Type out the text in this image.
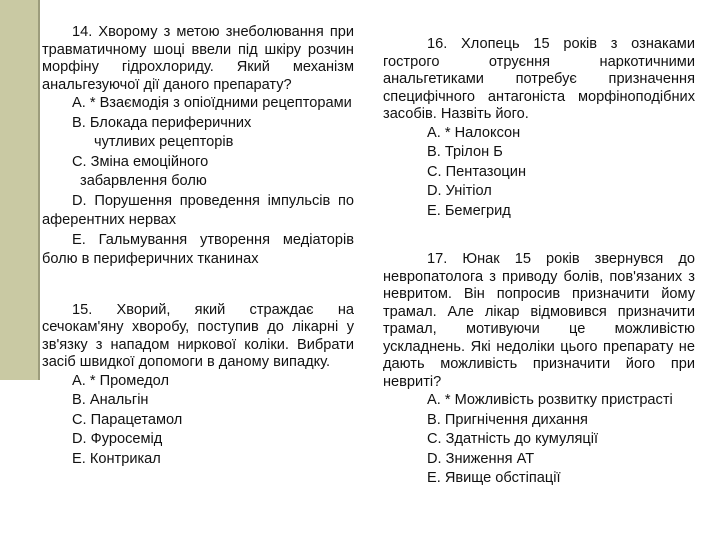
14. Хворому з метою знеболювання при травматичному шоці ввели під шкіру розчин морфіну гідрохлориду. Який механізм анальгезуючої дії даного препарату?

A. * Взаємодія з опіоїдними рецепторами

B. Блокада периферичних

чутливих рецепторів

C. Зміна емоційного

забарвлення болю

D. Порушення проведення імпульсів по аферентних нервах

E. Гальмування утворення медіаторів болю в периферичних тканинах

15. Хворий, який страждає на сечокам'яну хворобу, поступив до лікарні у зв'язку з нападом ниркової коліки. Вибрати засіб швидкої допомоги в даному випадку.

A. * Промедол

B. Анальгін

C. Парацетамол

D. Фуросемід

E. Контрикал

16. Хлопець 15 років з ознаками гострого отруєння наркотичними анальгетиками потребує призначення специфічного антагоніста морфіноподібних засобів. Назвіть його.

A. * Налоксон

B. Трілон Б

C. Пентазоцин

D. Унітіол

E. Бемегрид

17. Юнак 15 років звернувся до невропатолога з приводу болів, пов'язаних з невритом. Він попросив призначити йому трамал. Але лікар відмовився призначити трамал, мотивуючи це можливістю ускладнень. Які недоліки цього препарату не дають можливість призначити його при невриті?

A. * Можливість розвитку пристрасті

B. Пригнічення дихання

C. Здатність до кумуляції

D. Зниження АТ

E. Явище обстіпації
